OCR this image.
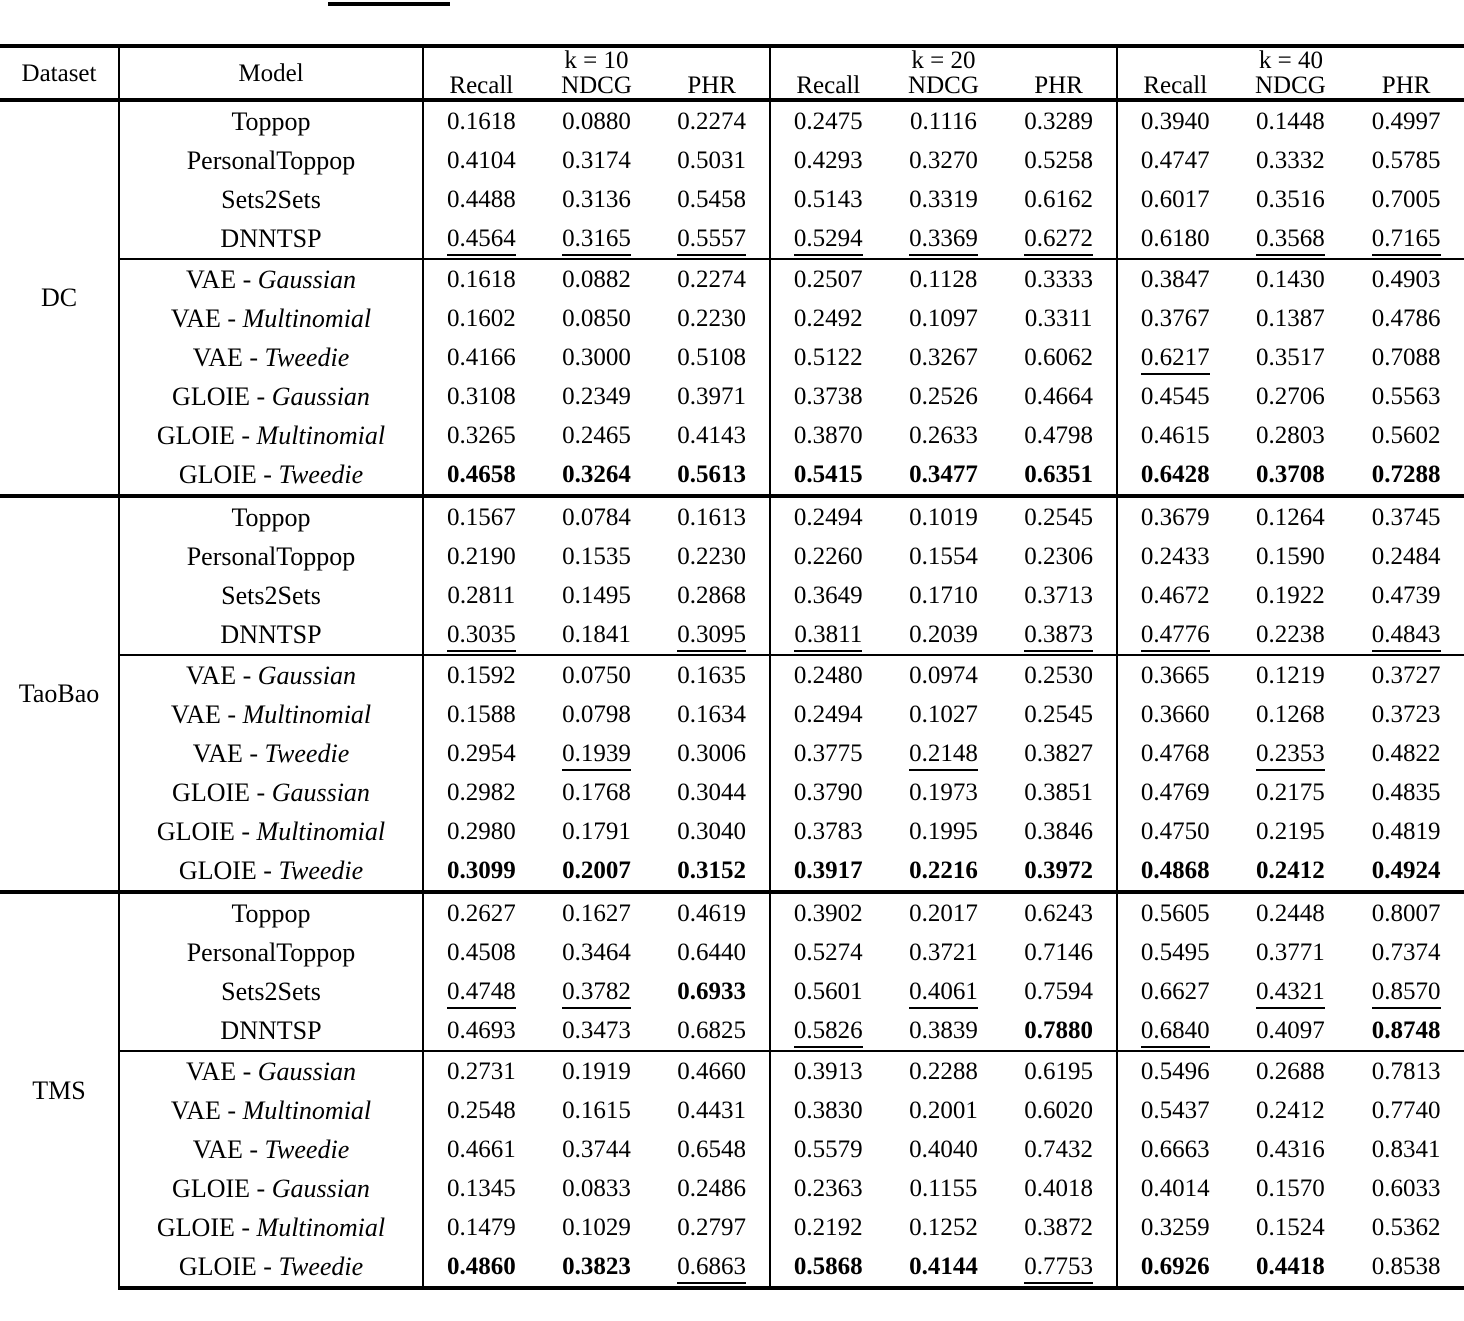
Dataset	Model	k = 10			k = 20			k = 40		
		Recall	NDCG	PHR	Recall	NDCG	PHR	Recall	NDCG	PHR
DC	Toppop	0.1618	0.0880	0.2274	0.2475	0.1116	0.3289	0.3940	0.1448	0.4997
	PersonalToppop	0.4104	0.3174	0.5031	0.4293	0.3270	0.5258	0.4747	0.3332	0.5785
	Sets2Sets	0.4488	0.3136	0.5458	0.5143	0.3319	0.6162	0.6017	0.3516	0.7005
	DNNTSP	0.4564	0.3165	0.5557	0.5294	0.3369	0.6272	0.6180	0.3568	0.7165
	VAE - Gaussian	0.1618	0.0882	0.2274	0.2507	0.1128	0.3333	0.3847	0.1430	0.4903
	VAE - Multinomial	0.1602	0.0850	0.2230	0.2492	0.1097	0.3311	0.3767	0.1387	0.4786
	VAE - Tweedie	0.4166	0.3000	0.5108	0.5122	0.3267	0.6062	0.6217	0.3517	0.7088
	GLOIE - Gaussian	0.3108	0.2349	0.3971	0.3738	0.2526	0.4664	0.4545	0.2706	0.5563
	GLOIE - Multinomial	0.3265	0.2465	0.4143	0.3870	0.2633	0.4798	0.4615	0.2803	0.5602
	GLOIE - Tweedie	0.4658	0.3264	0.5613	0.5415	0.3477	0.6351	0.6428	0.3708	0.7288
TaoBao	Toppop	0.1567	0.0784	0.1613	0.2494	0.1019	0.2545	0.3679	0.1264	0.3745
	PersonalToppop	0.2190	0.1535	0.2230	0.2260	0.1554	0.2306	0.2433	0.1590	0.2484
	Sets2Sets	0.2811	0.1495	0.2868	0.3649	0.1710	0.3713	0.4672	0.1922	0.4739
	DNNTSP	0.3035	0.1841	0.3095	0.3811	0.2039	0.3873	0.4776	0.2238	0.4843
	VAE - Gaussian	0.1592	0.0750	0.1635	0.2480	0.0974	0.2530	0.3665	0.1219	0.3727
	VAE - Multinomial	0.1588	0.0798	0.1634	0.2494	0.1027	0.2545	0.3660	0.1268	0.3723
	VAE - Tweedie	0.2954	0.1939	0.3006	0.3775	0.2148	0.3827	0.4768	0.2353	0.4822
	GLOIE - Gaussian	0.2982	0.1768	0.3044	0.3790	0.1973	0.3851	0.4769	0.2175	0.4835
	GLOIE - Multinomial	0.2980	0.1791	0.3040	0.3783	0.1995	0.3846	0.4750	0.2195	0.4819
	GLOIE - Tweedie	0.3099	0.2007	0.3152	0.3917	0.2216	0.3972	0.4868	0.2412	0.4924
TMS	Toppop	0.2627	0.1627	0.4619	0.3902	0.2017	0.6243	0.5605	0.2448	0.8007
	PersonalToppop	0.4508	0.3464	0.6440	0.5274	0.3721	0.7146	0.5495	0.3771	0.7374
	Sets2Sets	0.4748	0.3782	0.6933	0.5601	0.4061	0.7594	0.6627	0.4321	0.8570
	DNNTSP	0.4693	0.3473	0.6825	0.5826	0.3839	0.7880	0.6840	0.4097	0.8748
	VAE - Gaussian	0.2731	0.1919	0.4660	0.3913	0.2288	0.6195	0.5496	0.2688	0.7813
	VAE - Multinomial	0.2548	0.1615	0.4431	0.3830	0.2001	0.6020	0.5437	0.2412	0.7740
	VAE - Tweedie	0.4661	0.3744	0.6548	0.5579	0.4040	0.7432	0.6663	0.4316	0.8341
	GLOIE - Gaussian	0.1345	0.0833	0.2486	0.2363	0.1155	0.4018	0.4014	0.1570	0.6033
	GLOIE - Multinomial	0.1479	0.1029	0.2797	0.2192	0.1252	0.3872	0.3259	0.1524	0.5362
	GLOIE - Tweedie	0.4860	0.3823	0.6863	0.5868	0.4144	0.7753	0.6926	0.4418	0.8538
